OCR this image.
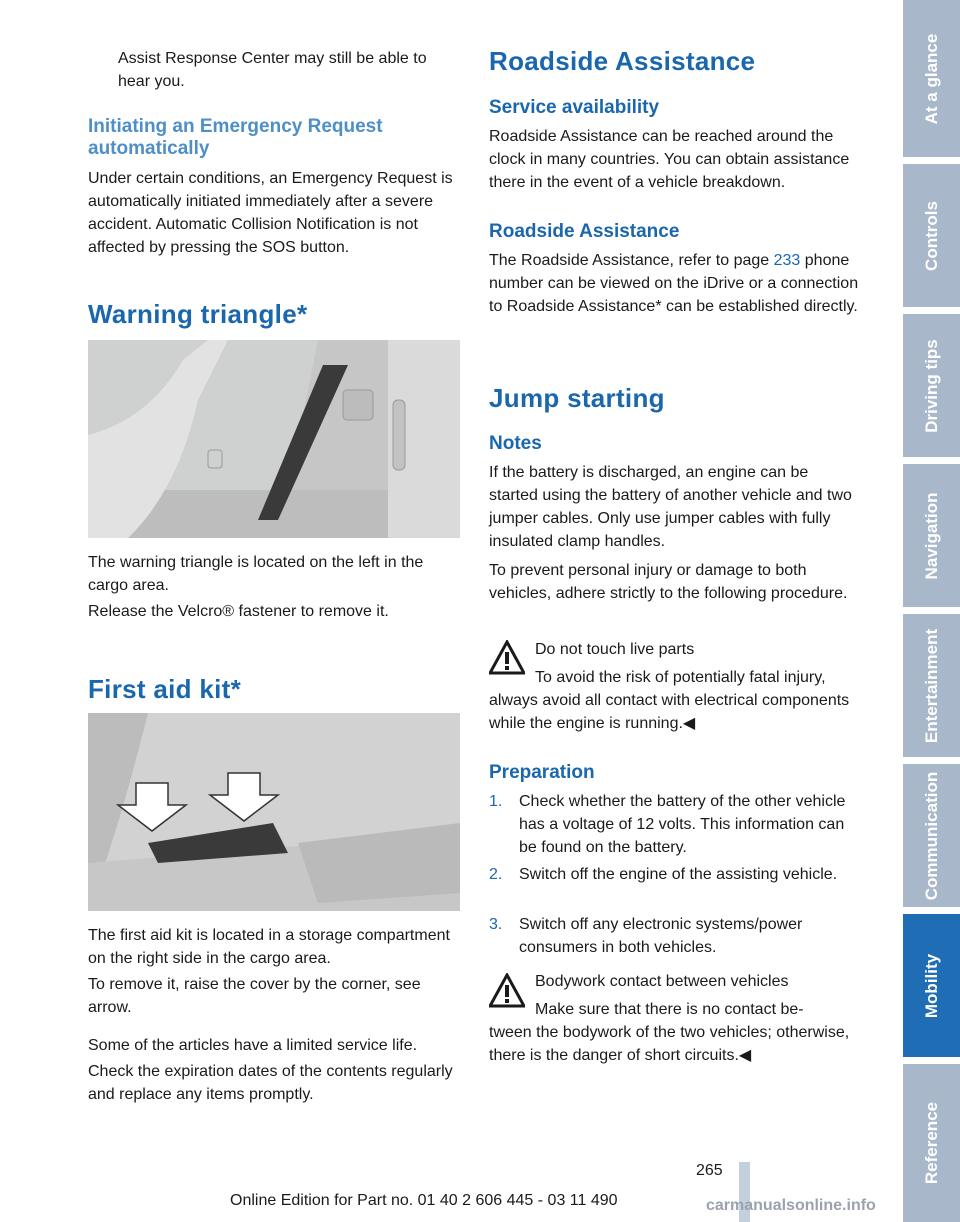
Assist Response Center may still be able to hear you.

Initiating an Emergency Request automatically

Under certain conditions, an Emergency Request is automatically initiated immediately after a severe accident. Automatic Collision Notification is not affected by pressing the SOS button.

Warning triangle*

The warning triangle is located on the left in the cargo area.

Release the Velcro® fastener to remove it.

First aid kit*

The first aid kit is located in a storage compartment on the right side in the cargo area.

To remove it, raise the cover by the corner, see arrow.

Some of the articles have a limited service life.

Check the expiration dates of the contents regularly and replace any items promptly.

Roadside Assistance
Service availability

Roadside Assistance can be reached around the clock in many countries. You can obtain assistance there in the event of a vehicle breakdown.

Roadside Assistance

The Roadside Assistance, refer to page 233 phone number can be viewed on the iDrive or a connection to Roadside Assistance* can be established directly.

Jump starting
Notes

If the battery is discharged, an engine can be started using the battery of another vehicle and two jumper cables. Only use jumper cables with fully insulated clamp handles.

To prevent personal injury or damage to both vehicles, adhere strictly to the following procedure.

Do not touch live parts

To avoid the risk of potentially fatal injury,

always avoid all contact with electrical components while the engine is running.◀

Preparation
1. Check whether the battery of the other vehicle has a voltage of 12 volts. This information can be found on the battery.

2. Switch off the engine of the assisting vehicle.

3. Switch off any electronic systems/power consumers in both vehicles.

Bodywork contact between vehicles

Make sure that there is no contact be-

tween the bodywork of the two vehicles; otherwise, there is the danger of short circuits.◀

At a glance
Controls
Driving tips
Navigation
Entertainment
Communication
Mobility
Reference
265
Online Edition for Part no. 01 40 2 606 445 - 03 11 490	carmanualsonline.info
